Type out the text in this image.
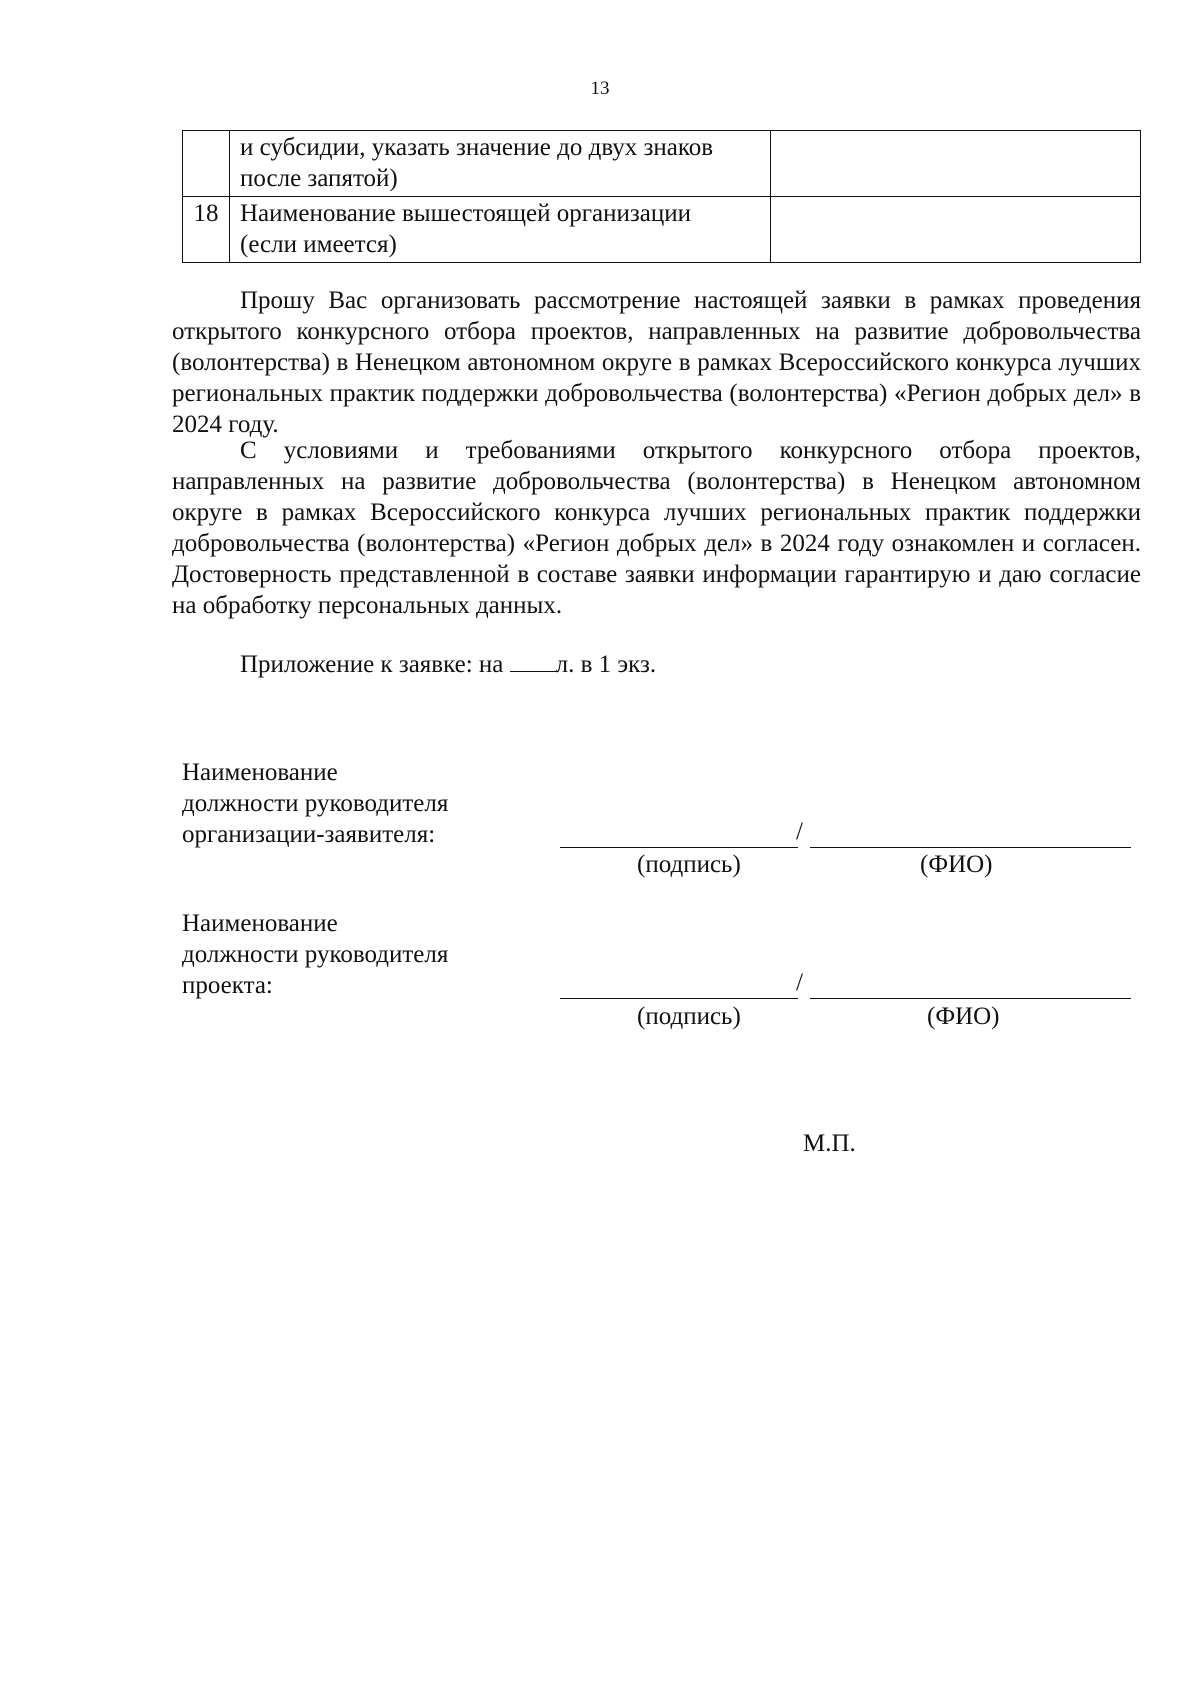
13

	и субсидии, указать значение до двух знаков
после запятой)	

18	Наименование вышестоящей организации
(если имеется)	

Прошу Вас организовать рассмотрение настоящей заявки в рамках проведения открытого конкурсного отбора проектов, направленных на развитие добровольчества (волонтерства) в Ненецком автономном округе в рамках Всероссийского конкурса лучших региональных практик поддержки добровольчества (волонтерства) «Регион добрых дел» в 2024 году.

С условиями и требованиями открытого конкурсного отбора проектов, направленных на развитие добровольчества (волонтерства) в Ненецком автономном округе в рамках Всероссийского конкурса лучших региональных практик поддержки добровольчества (волонтерства) «Регион добрых дел» в 2024 году ознакомлен и согласен. Достоверность представленной в составе заявки информации гарантирую и даю согласие на обработку персональных данных.

Приложение к заявке: на л. в 1 экз.
Наименование
должности руководителя
организации-заявителя:	/
(подпись)	(ФИО)
Наименование
должности руководителя
проекта:	/
(подпись)	(ФИО)
М.П.
